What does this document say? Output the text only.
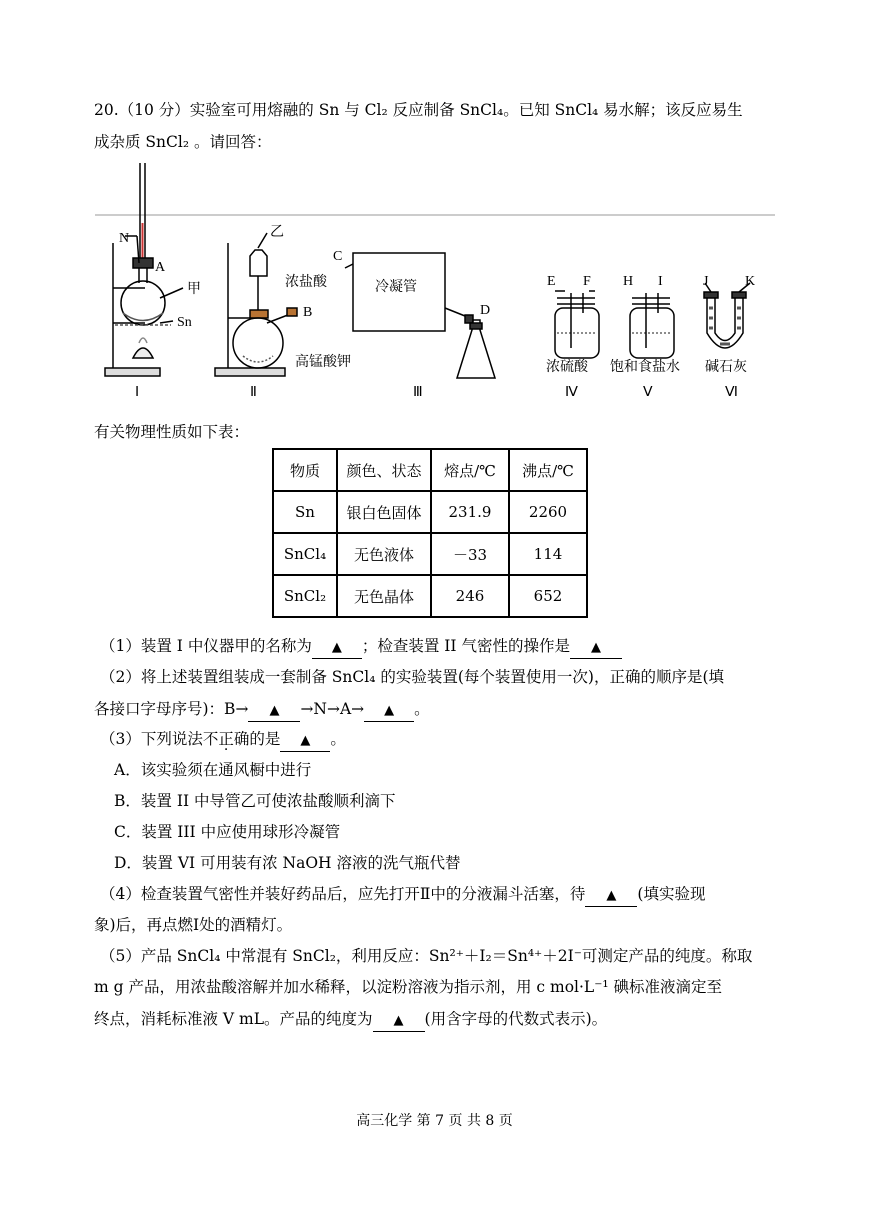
20.（10 分）实验室可用熔融的 Sn 与 Cl₂ 反应制备 SnCl₄。已知 SnCl₄ 易水解；该反应易生
成杂质 SnCl₂ 。请回答：
N
A
甲
Sn
Ⅰ
乙
浓盐酸
B
高锰酸钾
Ⅱ
C
冷凝管
D
Ⅲ
E F
浓硫酸
Ⅳ
H I
饱和食盐水
Ⅴ
J	K
碱石灰
Ⅵ
有关物理性质如下表：
物质	颜色、状态	熔点/℃	沸点/℃
Sn	银白色固体	231.9	2260
SnCl₄	无色液体	－33	114
SnCl₂	无色晶体	246	652
（1）装置 I 中仪器甲的名称为 ▲ ；检查装置 II 气密性的操作是 ▲
（2）将上述装置组装成一套制备 SnCl₄ 的实验装置(每个装置使用一次)，正确的顺序是(填
各接口字母序号)：B→ ▲ →N→A→ ▲ 。
（3）下列说法不正确的是 ▲ 。
A．该实验须在通风橱中进行
B．装置 II 中导管乙可使浓盐酸顺利滴下
C．装置 III 中应使用球形冷凝管
D．装置 VI 可用装有浓 NaOH 溶液的洗气瓶代替
（4）检查装置气密性并装好药品后，应先打开Ⅱ中的分液漏斗活塞，待 ▲ (填实验现
象)后，再点燃Ⅰ处的酒精灯。
（5）产品 SnCl₄ 中常混有 SnCl₂，利用反应：Sn²⁺＋I₂＝Sn⁴⁺＋2I⁻可测定产品的纯度。称取
m g 产品，用浓盐酸溶解并加水稀释，以淀粉溶液为指示剂，用 c mol·L⁻¹ 碘标准液滴定至
终点，消耗标准液 V mL。产品的纯度为 ▲ (用含字母的代数式表示)。
高三化学 第 7 页 共 8 页
